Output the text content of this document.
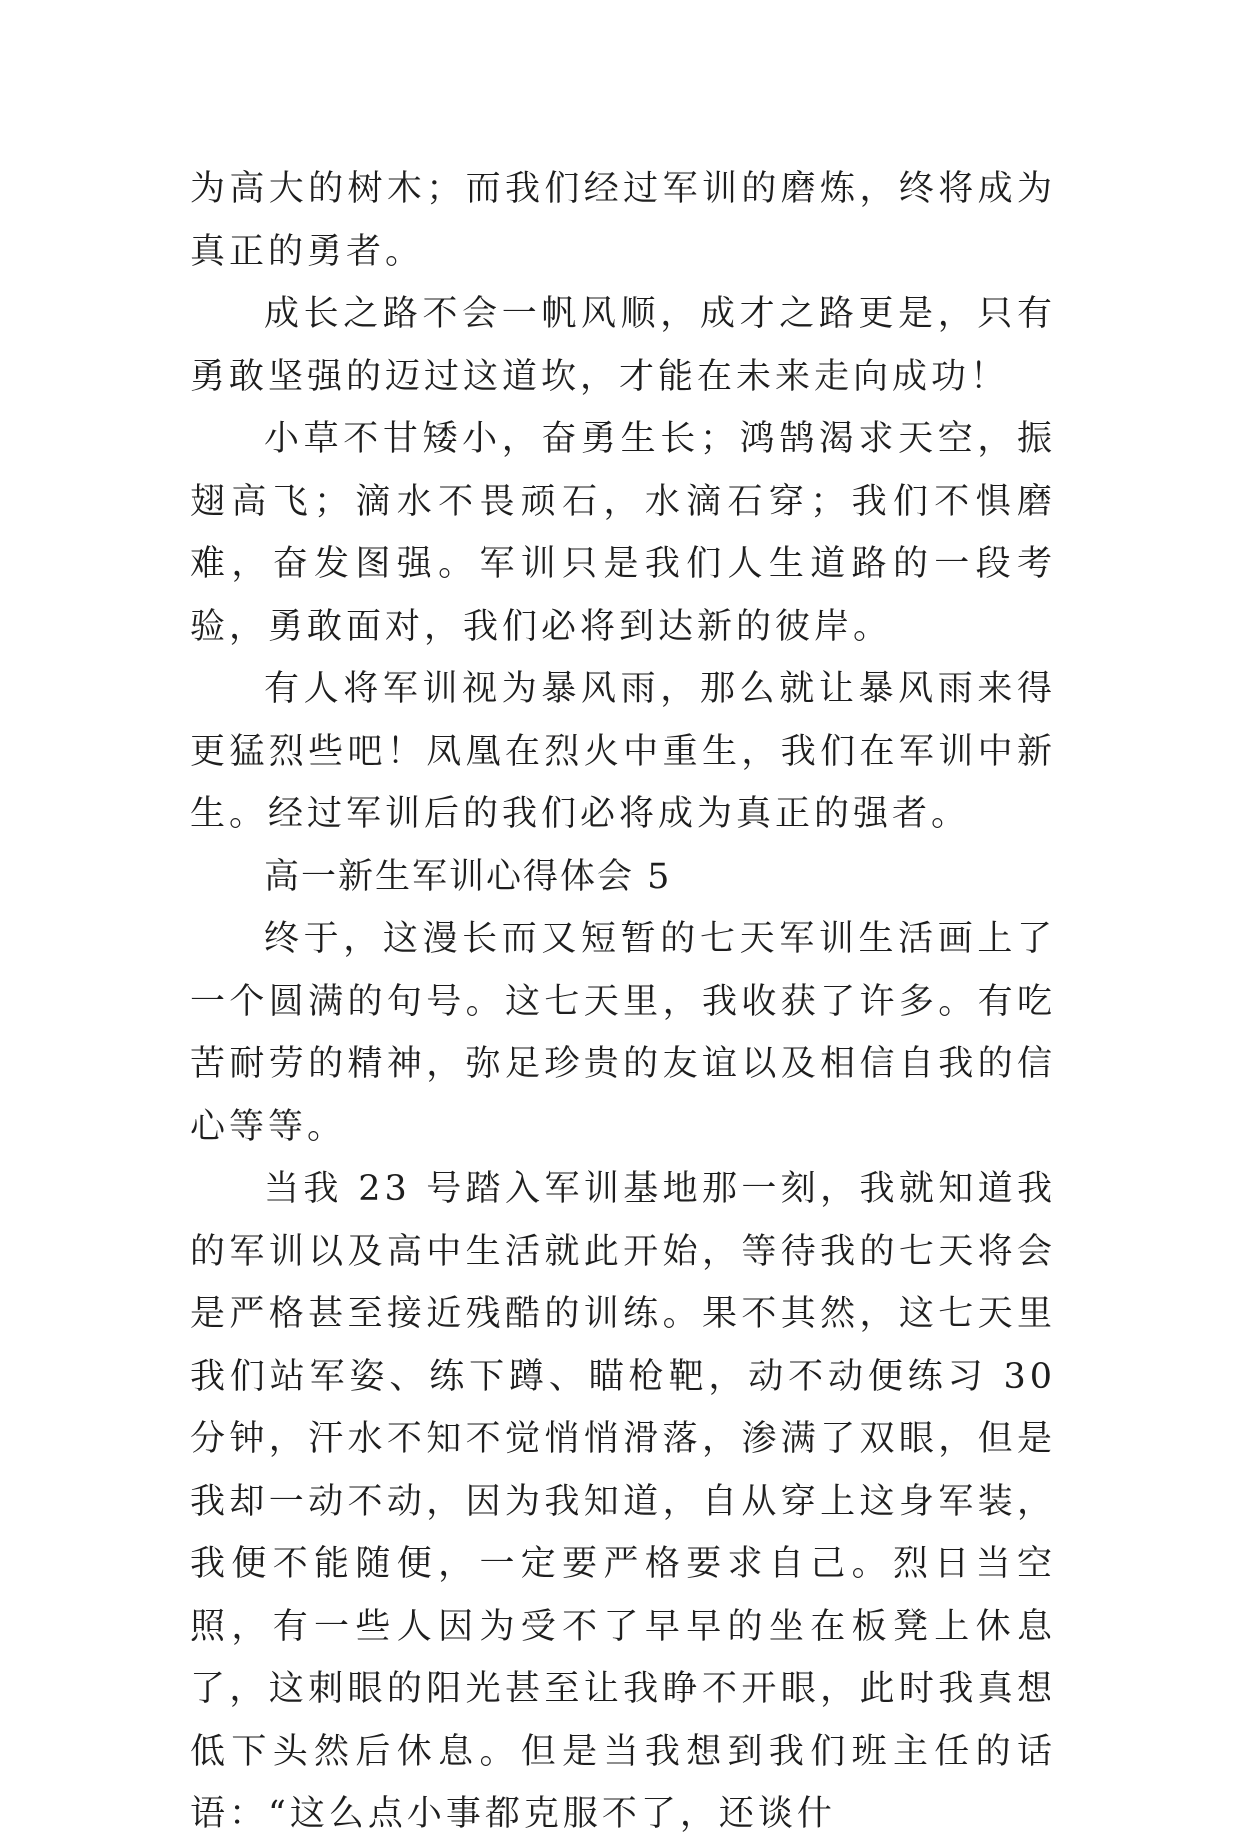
为高大的树木；而我们经过军训的磨炼，终将成为真正的勇者。

成长之路不会一帆风顺，成才之路更是，只有勇敢坚强的迈过这道坎，才能在未来走向成功！

小草不甘矮小，奋勇生长；鸿鹄渴求天空，振翅高飞；滴水不畏顽石，水滴石穿；我们不惧磨难，奋发图强。军训只是我们人生道路的一段考验，勇敢面对，我们必将到达新的彼岸。

有人将军训视为暴风雨，那么就让暴风雨来得更猛烈些吧！凤凰在烈火中重生，我们在军训中新生。经过军训后的我们必将成为真正的强者。

高一新生军训心得体会 5

终于，这漫长而又短暂的七天军训生活画上了一个圆满的句号。这七天里，我收获了许多。有吃苦耐劳的精神，弥足珍贵的友谊以及相信自我的信心等等。

当我 23 号踏入军训基地那一刻，我就知道我的军训以及高中生活就此开始，等待我的七天将会是严格甚至接近残酷的训练。果不其然，这七天里我们站军姿、练下蹲、瞄枪靶，动不动便练习 30 分钟，汗水不知不觉悄悄滑落，渗满了双眼，但是我却一动不动，因为我知道，自从穿上这身军装，我便不能随便，一定要严格要求自己。烈日当空照，有一些人因为受不了早早的坐在板凳上休息了，这刺眼的阳光甚至让我睁不开眼，此时我真想低下头然后休息。但是当我想到我们班主任的话语：“这么点小事都克服不了，还谈什
